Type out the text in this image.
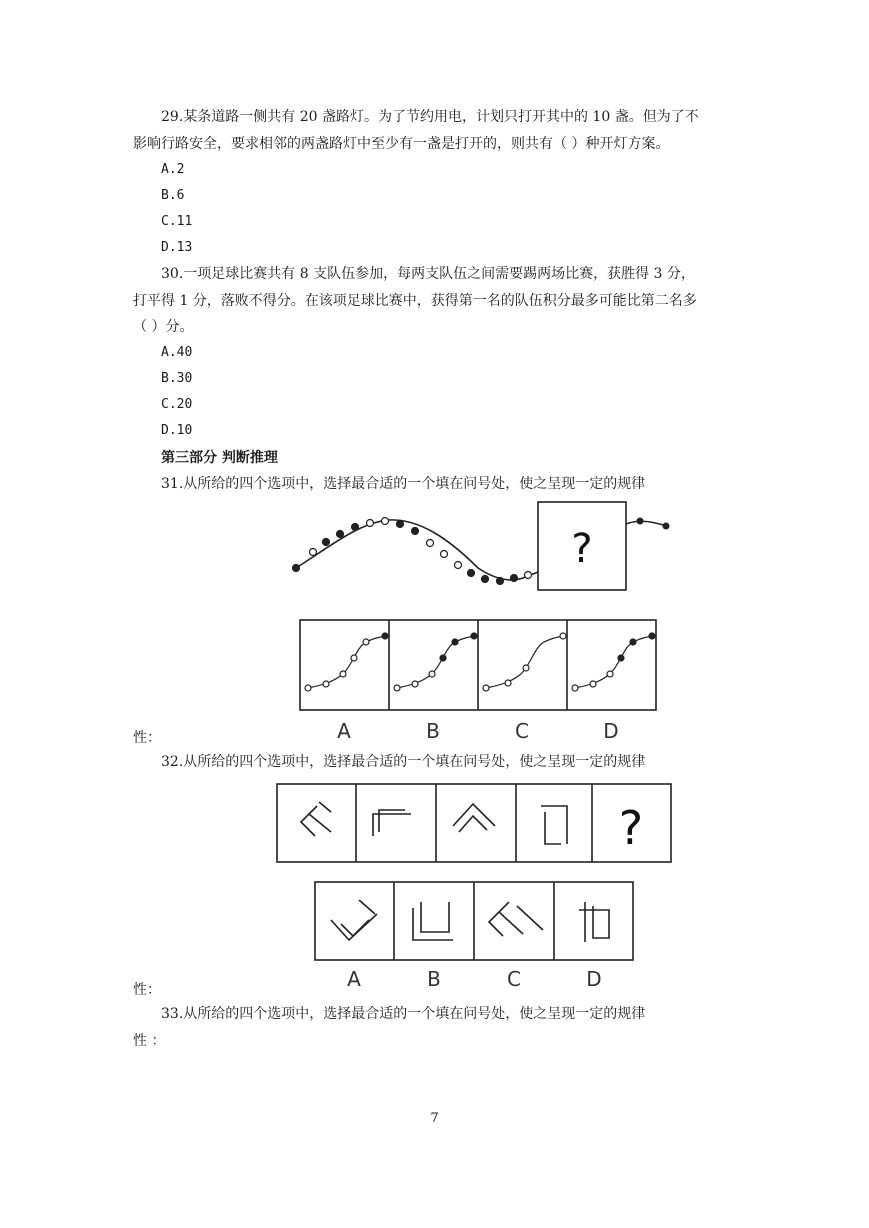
29.某条道路一侧共有 20 盏路灯。为了节约用电，计划只打开其中的 10 盏。但为了不
影响行路安全，要求相邻的两盏路灯中至少有一盏是打开的，则共有（ ）种开灯方案。
A.2
B.6
C.11
D.13
30.一项足球比赛共有 8 支队伍参加，每两支队伍之间需要踢两场比赛，获胜得 3 分，
打平得 1 分，落败不得分。在该项足球比赛中，获得第一名的队伍积分最多可能比第二名多
（ ）分。
A.40
B.30
C.20
D.10
第三部分 判断推理
31.从所给的四个选项中，选择最合适的一个填在问号处，使之呈现一定的规律
?
A	B	C	D
性：
32.从所给的四个选项中，选择最合适的一个填在问号处，使之呈现一定的规律
?
A	B	C	D
性：
33.从所给的四个选项中，选择最合适的一个填在问号处，使之呈现一定的规律
性 ：
7
